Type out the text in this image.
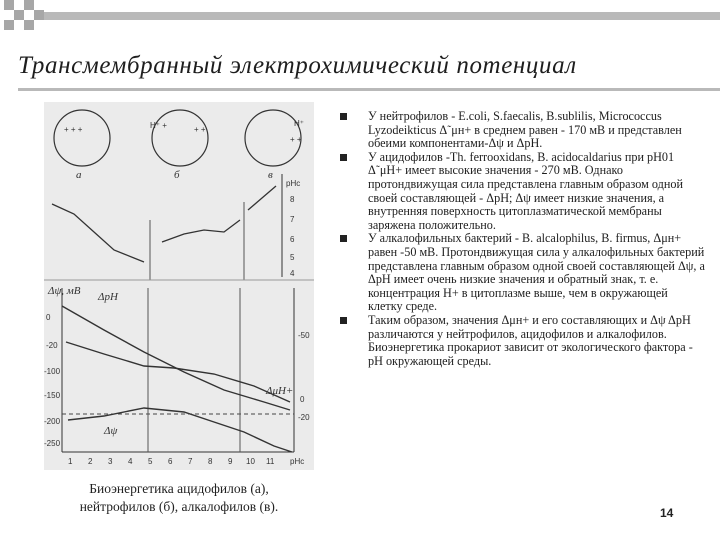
Трансмембранный электрохимический потенциал
+ + +	H⁺ +	+ +
H⁺
+ +
а	б	в
pHc
8
7
6
5
4
Δψ, мВ
0
-20
-100
-150
-200
-250
-50
0
-20
ΔpH
ΔμH+
Δψ
1 2 3 4 5 6 7 8 9 10 11 pHc
Биоэнергетика ацидофилов (а),
нейтрофилов (б), алкалофилов (в).
У нейтрофилов - E.coli, S.faecalis, B.sublilis, Micrococcus Lyzodeikticus Δ˜μн+ в среднем равен - 170 мВ и представлен обеими компонентами-Δψ и ΔpH.
У ацидофилов -Th. ferrooxidans, B. acidocaldarius при pH01 Δ˜μH+ имеет высокие значения - 270 мВ. Однако протондвижущая сила представлена главным образом одной своей составляющей - ΔpH; Δψ имеет низкие значения, а внутренняя поверхность цитоплазматической мембраны заряжена положительно.
У алкалофильных бактерий - B. alcalophilus, B. firmus, Δμн+ равен -50 мВ. Протондвижущая сила у алкалофильных бактерий представлена главным образом одной своей составляющей Δψ, а ΔpH имеет очень низкие значения и обратный знак, т. е. концентрация H+ в цитоплазме выше, чем в окружающей клетку среде.
Таким образом, значения Δμн+ и его составляющих и Δψ ΔpH различаются у нейтрофилов, ацидофилов и алкалофилов. Биоэнергетика прокариот зависит от экологического фактора -pH окружающей среды.
14
